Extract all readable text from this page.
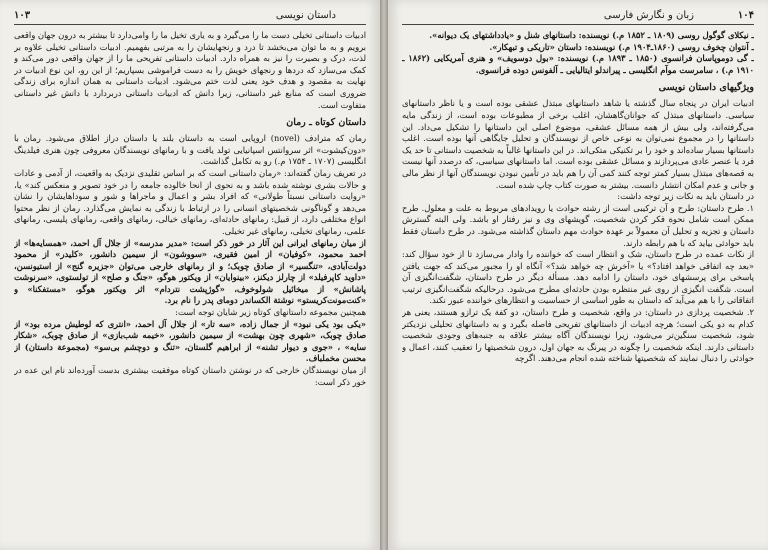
داستان نویسی
۱۰۳

ادبیات داستانی تخیلی دست ما را می‌گیرد و به یاری تخیل ما را وامی‌دارد تا بیشتر به درون جهان واقعی برویم و به ما توان می‌بخشد تا درد و رنجهایشان را به مرتبی بفهمیم. ادبیات داستانی تخیلی علاوه بر لذت، درک و بصیرت را نیز به همراه دارد. ادبیات داستانی تفریحی ما را از جهان واقعی دور می‌کند و کمک می‌سازد که دردها و رنجهای خویش را به دست فراموشی بسپاریم؛ از این رو، این نوع ادبیات در نهایت به مقصود و هدف خود یعنی لذت ختم می‌شود. ادبیات داستانی به همان اندازه برای زندگی ضروری است که منابع غیر داستانی، زیرا دانش که ادبیات داستانی دربردارد با دانش غیر داستانی متفاوت است.

داستان کوتاه ـ رمان

رمان که مترادف (novel) اروپایی است به داستان بلند یا داستان دراز اطلاق می‌شود. رمان با «دون‌کیشوت» اثر سروانتس اسپانیایی تولد یافت و با رمانهای نویسندگان معروفی چون هنری فیلدینگ انگلیسی (۱۷۰۷ ـ ۱۷۵۴ م.) رو به تکامل گذاشت.

در تعریف رمان گفته‌اند: «رمان داستانی است که بر اساس تقلیدی نزدیک به واقعیت، از آدمی و عادات و حالات بشری نوشته شده باشد و به نحوی از انحا خالوده جامعه را در خود تصویر و منعکس کند» یا، «روایت داستانی نسبتاً طولانی» که افراد بشر و اعمال و ماجراها و شور و سوداهایشان را نشان می‌دهد و گوناگونی شخصیتهای انسانی را در ارتباط با زندگی به نمایش می‌گذارد. رمان از نظر محتوا انواع مختلفی دارد، از قبیل: رمانهای حادثه‌ای، رمانهای خیالی، رمانهای واقعی، رمانهای پلیسی، رمانهای علمی، رمانهای تخیلی، رمانهای غیر تخیلی.

از میان رمانهای ایرانی این آثار در خور ذکر است: «مدیر مدرسه» از جلال آل احمد، «همسایه‌ها» از احمد محمود، «کوفیان» از امین فقیری، «سووشون» از سیمین دانشور، «کلیدر» از محمود دولت‌آبادی، «تنگسیر» از صادق چوبک؛ و از رمانهای خارجی می‌توان «جزیره گنج» از استیونسن، «داوید کاپرفیلد» از چارلز دیکنز، «بینوایان» از ویکتور هوگو، «جنگ و صلح» از تولستوی، «سرنوشت پاشانش» از میخائیل شولوخوف، «گوژپشت نتردام» اثر ویکتور هوگو، «مستفکنا» و «کنت‌مونت‌کریستو» نوشتة الکساندر دومای پدر را نام برد.

همچنین مجموعه داستانهای کوتاه زیر شایان توجه است:

«یکی بود یکی نبود» از جمال زاده، «سه تار» از جلال آل احمد، «انتری که لوطیش مرده بود» از صادق چوبک، «شهری چون بهشت» از سیمین دانشور، «خیمه شب‌بازی» از صادق چوبک، «شکار سایه» ، «جوی و دیوار تشنه» از ابراهیم گلستان، «تنگ و دوچشم بی‌سو» (مجموعة داستان) از محسن مخملباف.

از میان نویسندگان خارجی که در نوشتن داستان کوتاه موفقیت بیشتری بدست آورده‌اند نام این عده در خور ذکر است:

زبان و نگارش فارسی	۱۰۴

ـ نیکلای گوگول روسی (۱۸۰۹ ـ ۱۸۵۲ م.) نویسنده: داستانهای شنل و «یادداشتهای یک دیوانه».

ـ آنتوان چخوف روسی (۱۸۶۰ـ۱۹۰۴ م.) نویسنده: داستان «تاریکی و تبهکار».

ـ گی دوموپاسان فرانسوی (۱۸۵۰ ـ ۱۸۹۳ م.) نویسنده: «بول دوسویف» و هنری آمریکایی (۱۸۶۲ ـ ۱۹۱۰ م.) ، سامرست موآم انگلیسی ـ پیراندلو ایتالیایی ـ آلفونس دوده فرانسوی.

ویژگیهای داستان نویسی

ادبیات ایران در پنجاه سال گذشته یا شاهد داستانهای مبتذل عشقی بوده است و یا ناظر داستانهای سیاسی. داستانهای مبتذل که جوانان‌گاهشان، اغلب برخی از مطبوعات بوده است، از زندگی مایه می‌گرفته‌اند، ولی بیش از همه مسائل عشقی، موضوع اصلی این داستانها را تشکیل می‌داد. این داستانها را در مجموع نمی‌توان به نوعی خاص از نویسندگان و تحلیل جایگاهی آنها بوده است. اغلب داستانها بسیار ساده‌اند و خود را بر تکنیکی متکی‌اند. در این داستانها غالباً به شخصیت داستانی تا حد یک فرد یا عنصر عادی می‌پردازند و مسائل عشقی بوده است. اما داستانهای سیاسی، که درصدد آنها نیست به قصه‌های مبتذل بسیار کمتر توجه کنند کمی آن را هم باید در تأمین نبودن نویسندگان آنها از نظر مالی و جانی و عدم امکان انتشار دانست. بیشتر به صورت کتاب چاپ شده است.

در داستان باید به نکات زیر توجه داشت:

۱. طرح داستان: طرح و آن ترکیبی است از رشته حوادث یا رویدادهای مربوط به علت و معلول. طرح ممکن است شامل نحوة فکر کردن شخصیت، گویشهای وی و نیز رفتار او باشد. ولی البته گسترش داستان و تجزیه و تحلیل آن معمولاً بر عهدة حوادث مهم داستان گذاشته می‌شود. در طرح داستان فقط باید حوادثی بیاید که با هم رابطه دارند.

از نکات عمده در طرح داستان، شک و انتظار است که خواننده را وادار می‌سازد تا از خود سؤال کند: «بعد چه اتفاقی خواهد افتاد؟» یا «آخرش چه خواهد شد؟» آنگاه او را مجبور می‌کند که جهت یافتن پاسخی برای پرسشهای خود، داستان را ادامه دهد. مسألة دیگر در طرح داستان، شگفت‌انگیزی آن است. شگفت انگیزی از روی غیر منتظره بودن حادثه‌ای مطرح می‌شود. درحالیکه شگفت‌انگیزی ترتیب اتفاقاتی را با هم می‌آید که داستان به طور اساسی از حساسیت و انتظارهای خواننده عبور نکند.

۲. شخصیت پردازی در داستان: در واقع، شخصیت و طرح داستان، دو کفة یک ترازو هستند، یعنی هر کدام به دو یکی است؛ هرچه ادبیات از داستانهای تفریحی فاصله بگیرد و به داستانهای تحلیلی نزدیکتر شود، شخصیت سنگین‌تر می‌شود، زیرا نویسندگان آگاه بیشتر علاقه به جنبه‌های وجودی شخصیت داستانی دارند. اینکه شخصیت را چگونه در پیرنگ به جهان اول، درون شخصیتها را تعقیب کنند، اعمال و حوادثی را دنبال نمایند که شخصیتها شناخته شده انجام می‌دهند. اگرچه
